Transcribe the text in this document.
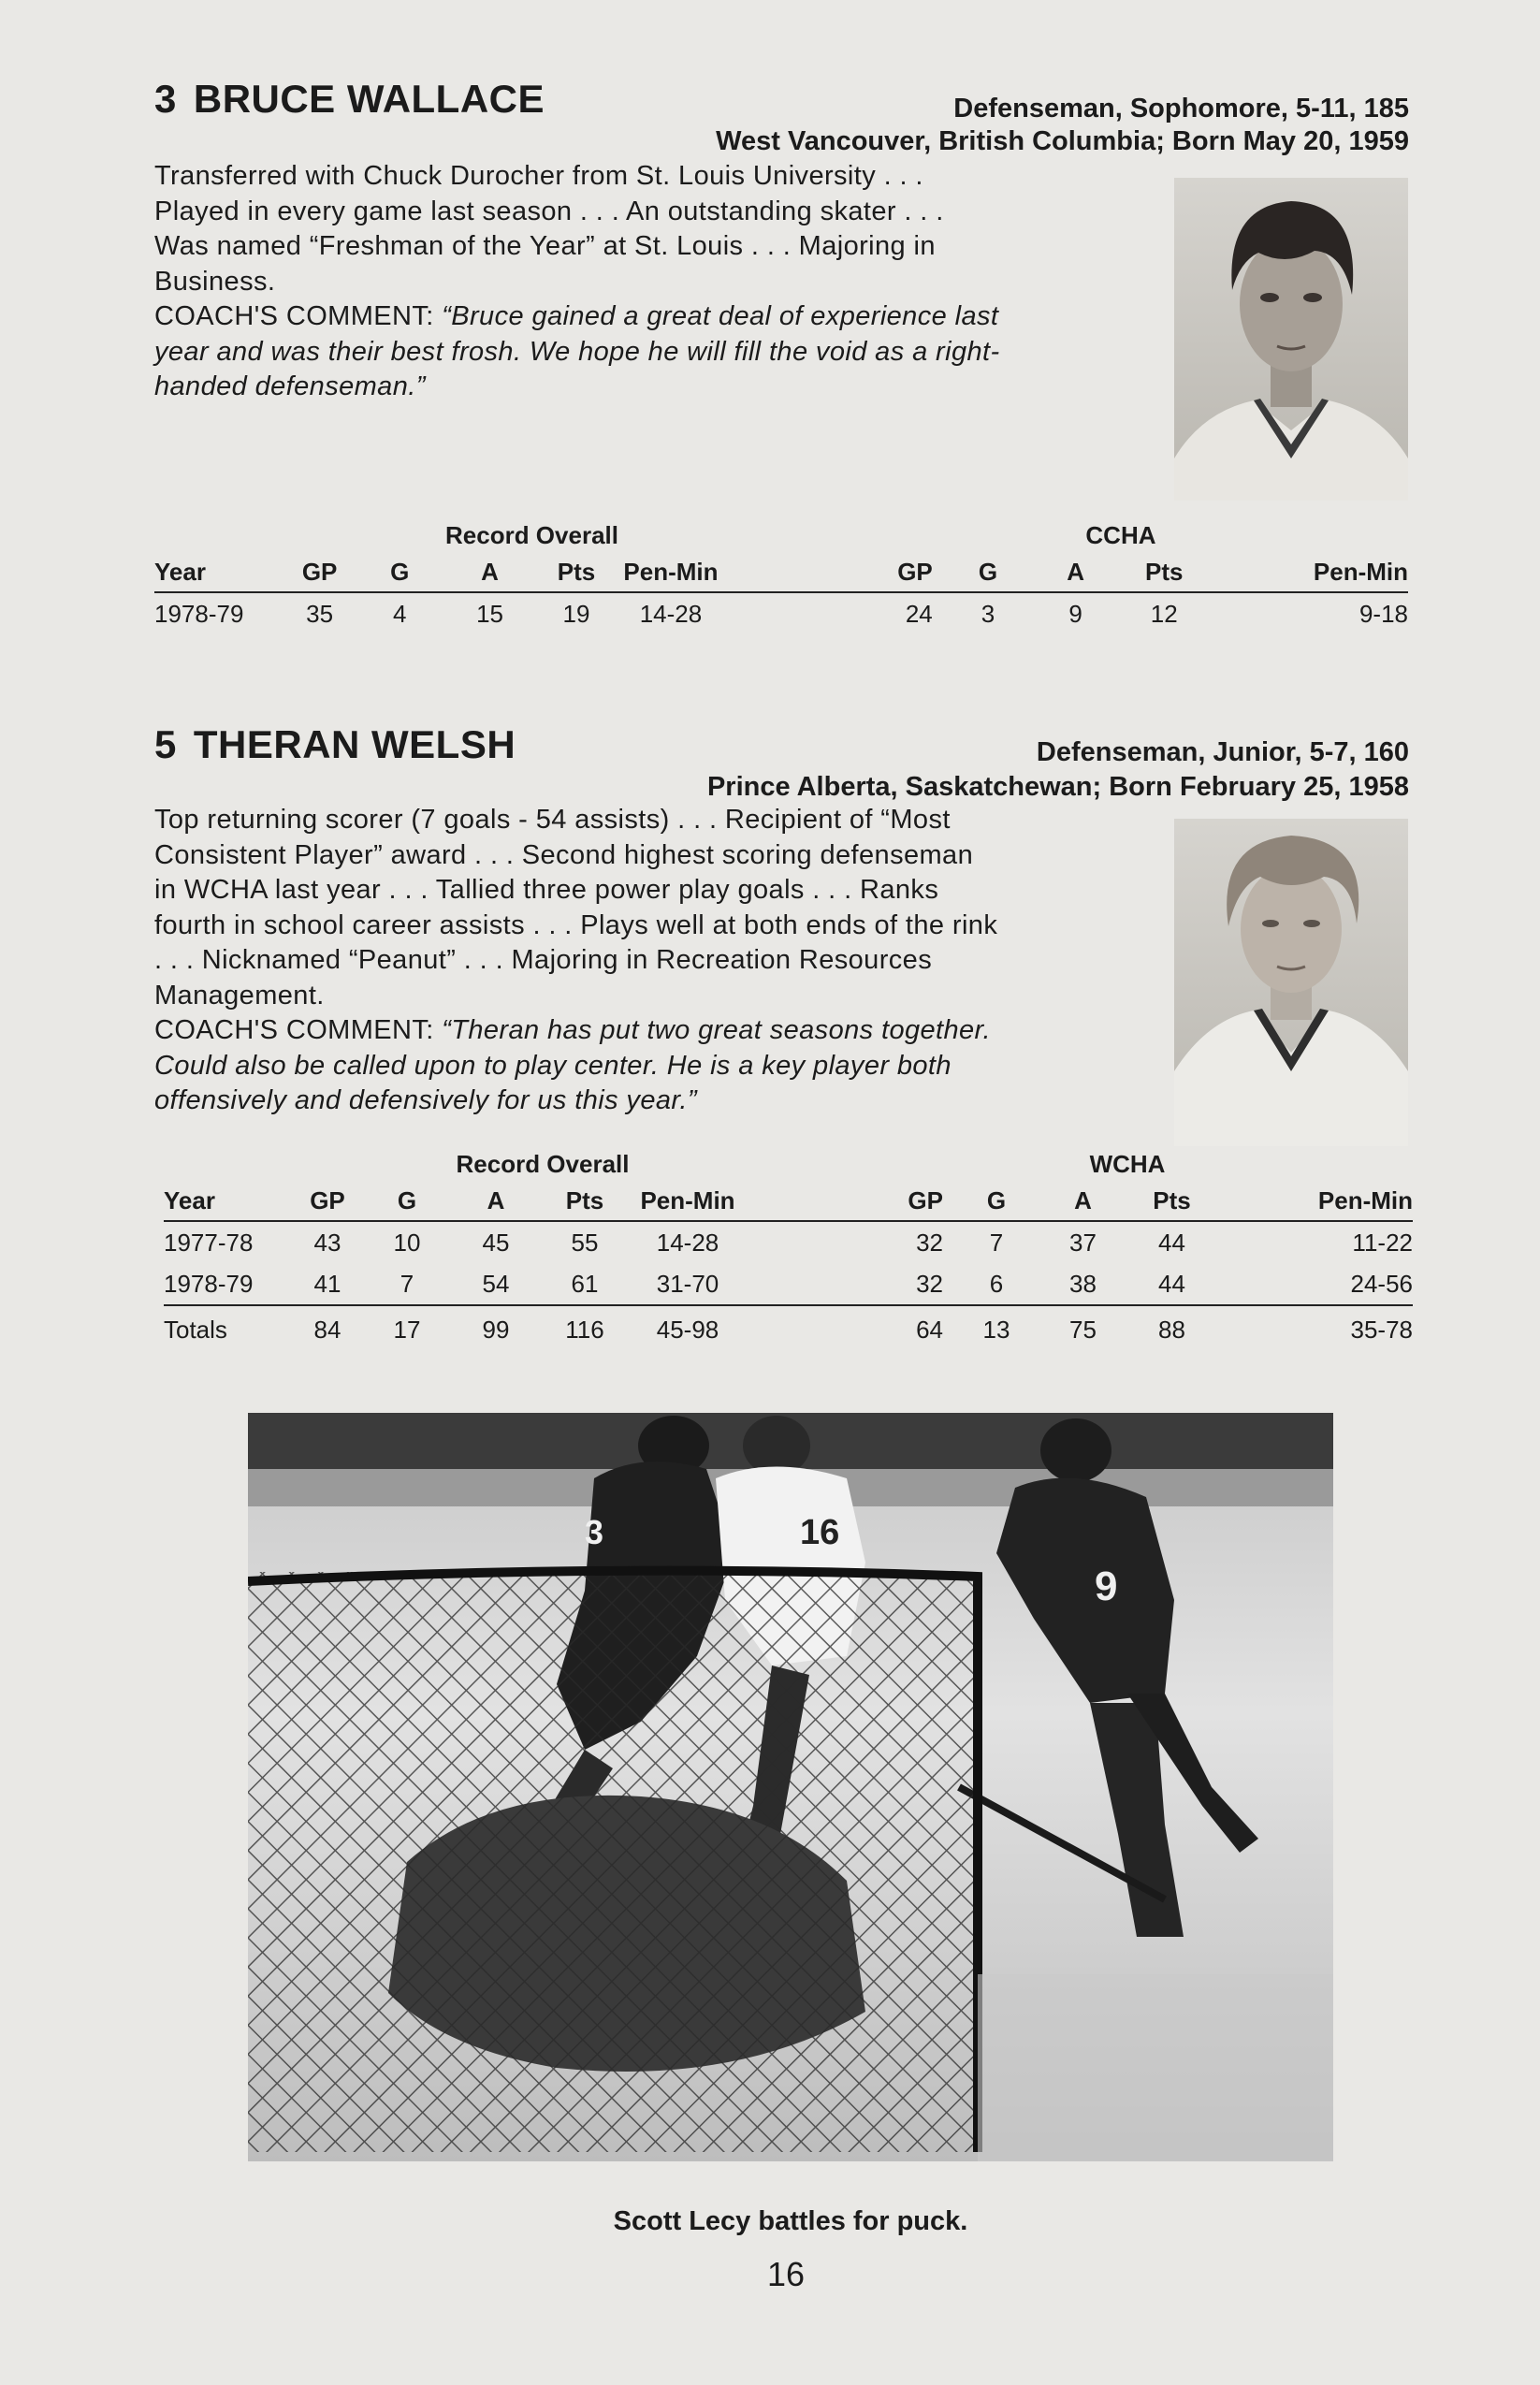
3 BRUCE WALLACE	Defenseman, Sophomore, 5-11, 185
West Vancouver, British Columbia; Born May 20, 1959
Transferred with Chuck Durocher from St. Louis University . . . Played in every game last season . . . An outstanding skater . . . Was named “Freshman of the Year” at St. Louis . . . Majoring in Business.
COACH'S COMMENT: “Bruce gained a great deal of experience last year and was their best frosh. We hope he will fill the void as a right-handed defenseman.”
			Record Overall					CCHA		
Year	GP	G	A	Pts	Pen-Min	GP	G	A	Pts	Pen-Min
1978-79	35	4	15	19	14-28	24	3	9	12	9-18
5 THERAN WELSH	Defenseman, Junior, 5-7, 160
Prince Alberta, Saskatchewan; Born February 25, 1958
Top returning scorer (7 goals - 54 assists) . . . Recipient of “Most Consistent Player” award . . . Second highest scoring defenseman in WCHA last year . . . Tallied three power play goals . . . Ranks fourth in school career assists . . . Plays well at both ends of the rink . . . Nicknamed “Peanut” . . . Majoring in Recreation Resources Management.
COACH'S COMMENT: “Theran has put two great seasons together. Could also be called upon to play center. He is a key player both offensively and defensively for us this year.”
			Record Overall					WCHA		
Year	GP	G	A	Pts	Pen-Min	GP	G	A	Pts	Pen-Min
1977-78	43	10	45	55	14-28	32	7	37	44	11-22
1978-79	41	7	54	61	31-70	32	6	38	44	24-56
Totals	84	17	99	116	45-98	64	13	75	88	35-78
16
9
3
Scott Lecy battles for puck.
16
